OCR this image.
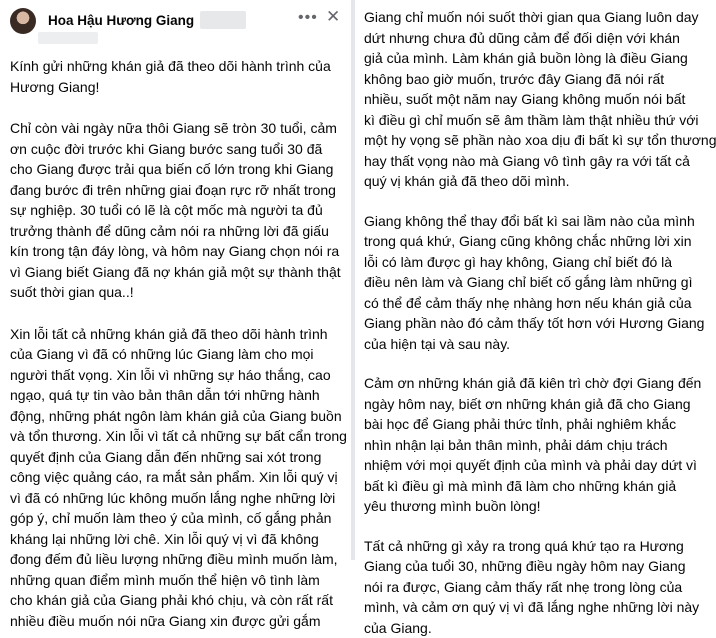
Hoa Hậu Hương Giang	••• ✕

Kính gửi những khán giả đã theo dõi hành trình của

Hương Giang!

Chỉ còn vài ngày nữa thôi Giang sẽ tròn 30 tuổi, cảm

ơn cuộc đời trước khi Giang bước sang tuổi 30 đã

cho Giang được trải qua biến cố lớn trong khi Giang

đang bước đi trên những giai đoạn rực rỡ nhất trong

sự nghiệp. 30 tuổi có lẽ là cột mốc mà người ta đủ

trưởng thành để dũng cảm nói ra những lời đã giấu

kín trong tận đáy lòng, và hôm nay Giang chọn nói ra

vì Giang biết Giang đã nợ khán giả một sự thành thật

suốt thời gian qua..!

Xin lỗi tất cả những khán giả đã theo dõi hành trình

của Giang vì đã có những lúc Giang làm cho mọi

người thất vọng. Xin lỗi vì những sự háo thắng, cao

ngạo, quá tự tin vào bản thân dẫn tới những hành

động, những phát ngôn làm khán giả của Giang buồn

và tổn thương. Xin lỗi vì tất cả những sự bất cẩn trong

quyết định của Giang dẫn đến những sai xót trong

công việc quảng cáo, ra mắt sản phẩm. Xin lỗi quý vị

vì đã có những lúc không muốn lắng nghe những lời

góp ý, chỉ muốn làm theo ý của mình, cố gắng phản

kháng lại những lời chê. Xin lỗi quý vị vì đã không

đong đếm đủ liều lượng những điều mình muốn làm,

những quan điểm mình muốn thể hiện vô tình làm

cho khán giả của Giang phải khó chịu, và còn rất rất

nhiều điều muốn nói nữa Giang xin được gửi gắm

Giang chỉ muốn nói suốt thời gian qua Giang luôn day

dứt nhưng chưa đủ dũng cảm để đối diện với khán

giả của mình. Làm khán giả buồn lòng là điều Giang

không bao giờ muốn, trước đây Giang đã nói rất

nhiều, suốt một năm nay Giang không muốn nói bất

kì điều gì chỉ muốn sẽ âm thầm làm thật nhiều thứ với

một hy vọng sẽ phần nào xoa dịu đi bất kì sự tổn thương

hay thất vọng nào mà Giang vô tình gây ra với tất cả

quý vị khán giả đã theo dõi mình.

Giang không thể thay đổi bất kì sai lầm nào của mình

trong quá khứ, Giang cũng không chắc những lời xin

lỗi có làm được gì hay không, Giang chỉ biết đó là

điều nên làm và Giang chỉ biết cố gắng làm những gì

có thể để cảm thấy nhẹ nhàng hơn nếu khán giả của

Giang phần nào đó cảm thấy tốt hơn với Hương Giang

của hiện tại và sau này.

Cảm ơn những khán giả đã kiên trì chờ đợi Giang đến

ngày hôm nay, biết ơn những khán giả đã cho Giang

bài học để Giang phải thức tỉnh, phải nghiêm khắc

nhìn nhận lại bản thân mình, phải dám chịu trách

nhiệm với mọi quyết định của mình và phải day dứt vì

bất kì điều gì mà mình đã làm cho những khán giả

yêu thương mình buồn lòng!

Tất cả những gì xảy ra trong quá khứ tạo ra Hương

Giang của tuổi 30, những điều ngày hôm nay Giang

nói ra được, Giang cảm thấy rất nhẹ trong lòng của

mình, và cảm ơn quý vị vì đã lắng nghe những lời này

của Giang.
